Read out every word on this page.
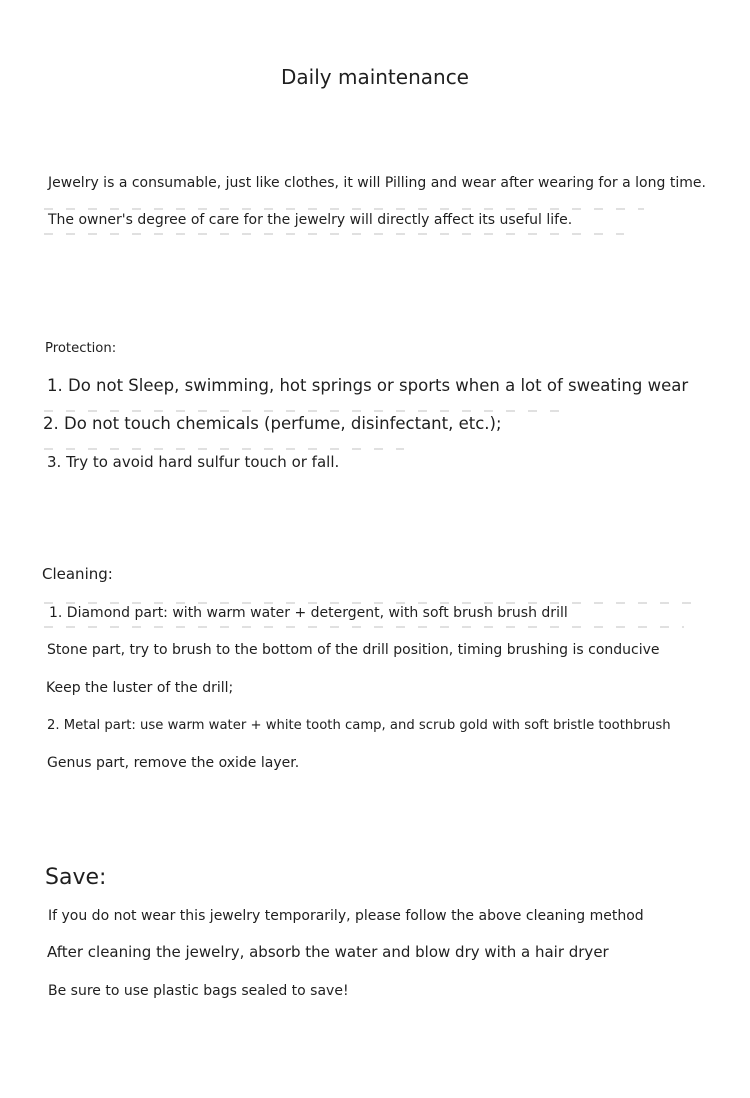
Daily maintenance
Jewelry is a consumable, just like clothes, it will Pilling and wear after wearing for a long time.
The owner's degree of care for the jewelry will directly affect its useful life.
Protection:
1. Do not Sleep, swimming, hot springs or sports when a lot of sweating wear
2. Do not touch chemicals (perfume, disinfectant, etc.);
3. Try to avoid hard sulfur touch or fall.
Cleaning:
1. Diamond part: with warm water + detergent, with soft brush brush drill
Stone part, try to brush to the bottom of the drill position, timing brushing is conducive
Keep the luster of the drill;
2. Metal part: use warm water + white tooth camp, and scrub gold with soft bristle toothbrush
Genus part, remove the oxide layer.
Save:
If you do not wear this jewelry temporarily, please follow the above cleaning method
After cleaning the jewelry, absorb the water and blow dry with a hair dryer
Be sure to use plastic bags sealed to save!
